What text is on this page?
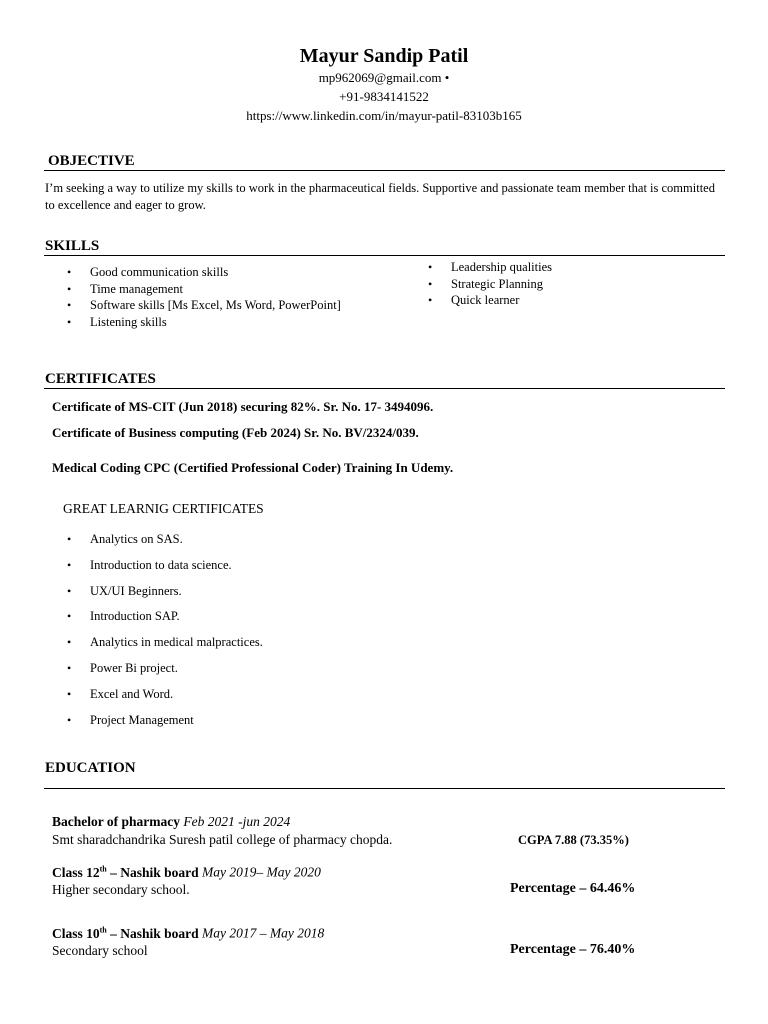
Mayur Sandip Patil
mp962069@gmail.com •
+91-9834141522
https://www.linkedin.com/in/mayur-patil-83103b165
OBJECTIVE
I’m seeking a way to utilize my skills to work in the pharmaceutical fields. Supportive and passionate team member that is committed to excellence and eager to grow.
SKILLS
• Good communication skills
• Time management
• Software skills [Ms Excel, Ms Word, PowerPoint]
• Listening skills
• Leadership qualities
• Strategic Planning
• Quick learner
CERTIFICATES
Certificate of MS-CIT (Jun 2018) securing 82%. Sr. No. 17- 3494096.
Certificate of Business computing (Feb 2024) Sr. No. BV/2324/039.
Medical Coding CPC (Certified Professional Coder) Training In Udemy.
GREAT LEARNIG CERTIFICATES
• Analytics on SAS.
• Introduction to data science.
• UX/UI Beginners.
• Introduction SAP.
• Analytics in medical malpractices.
• Power Bi project.
• Excel and Word.
• Project Management
EDUCATION
Bachelor of pharmacy Feb 2021 -jun 2024
Smt sharadchandrika Suresh patil college of pharmacy chopda.	CGPA 7.88 (73.35%)
Class 12th – Nashik board May 2019– May 2020
Higher secondary school.	Percentage – 64.46%
Class 10th – Nashik board May 2017 – May 2018
Secondary school	Percentage – 76.40%
